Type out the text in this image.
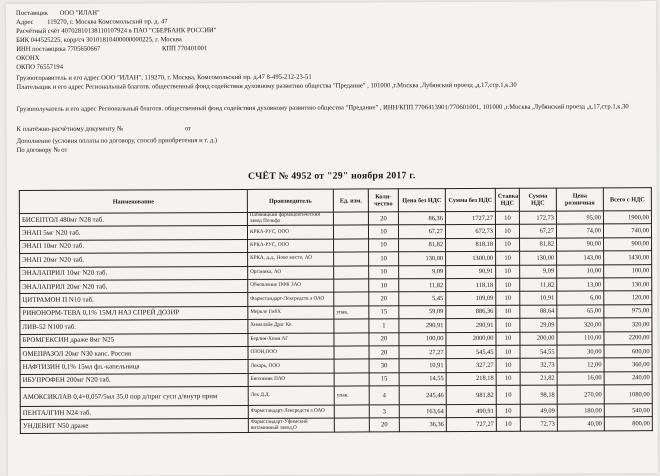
Поставщик ООО "ИЛАН"
Адрес 119270, г. Москва Комсомольский пр. д. 47
Расчётный счёт 40702810138110107924 в ПАО "СБЕРБАНК РОССИИ"
БИК 044525225, корр/сч 30101810400000000225, г. Москва
ИНН поставщика 7705650667	КПП 770401001
ОКОНХ
ОКПО 76557194
Грузоотправитель и его адрес ООО "ИЛАН", 119270, г. Москва, Комсомольский пр. д.47 8-495-212-23-51
Плательщик и его адрес Региональный благотв. общественный фонд содействия духовному развитию общества "Предание" , 101000 ,г.Москва ,Лубянский проезд ,д.17,стр.1,к.30
Грузополучатель и его адрес Региональный благотв. общественный фонд содействия духовному развитию общества "Предание" , ИНН/КПП 7706413901/770601001, 101000 ,г.Москва ,Лубянский проезд ,д.17,стр.1,к.30
К платёжно-расчётному документу №	от
Дополнение (условия оплаты по договору, способ приобретения и т. д.)
По договору № от
СЧЁТ № 4952 от "29" ноября 2017 г.
Наименование	Производитель	Ед. изм.	Коли-чество	Цена без НДС	Сумма без НДС	Ставка НДС	Сумма НДС	Цена розничная	Всего с НДС
БИСЕПТОЛ 480мг N28 таб.	Пабяницкий фармацевтический завод Польфа		20	86,36	1727,27	10	172,73	95,00	1900,00
ЭНАП 5мг N20 таб.	КРКА-РУС, ООО		10	67,27	672,73	10	67,27	74,00	740,00
ЭНАП 10мг N20 таб.	КРКА-РУС, ООО		10	81,82	818,18	10	81,82	90,00	900,00
ЭНАП 20мг N20 таб.	КРКА, д.д., Ново место, АО		10	130,00	1300,00	10	130,00	143,00	1430,00
ЭНАЛАПРИЛ 10мг N20 таб.	Органика, АО		10	9,09	90,91	10	9,09	10,00	100,00
ЭНАЛАПРИЛ 20мг N20 таб.	Обновление ПФК ЗАО		10	11,82	118,18	10	11,82	13,00	130,00
ЦИТРАМОН П N10 таб.	Фармстандарт-Лексредств а ОАО		20	5,45	109,09	10	10,91	6,00	120,00
РИНОНОРМ-ТЕВА 0,1% 15МЛ НАЗ СПРЕЙ ДОЗИР	Мерклe ГмбХ	упак.	15	59,09	886,36	10	88,64	65,00	975,00
ЛИВ-52 N100 таб.	Хималайя Драг Ко.		1	290,91	290,91	10	29,09	320,00	320,00
БРОМГЕКСИН драже 8мг N25	Берлин-Хеми АГ		20	100,00	2000,00	10	200,00	110,00	2200,00
ОМЕПРАЗОЛ 20мг N30 капс. Россия	ОЗОН,ООО		20	27,27	545,45	10	54,55	30,00	600,00
НАФТИЗИН 0,1% 15мл фл.-капельница	Лекарь, ООО		30	10,91	327,27	10	32,73	12,00	360,00
ИБУПРОФЕН 200мг N20 таб.	Биохимик ПАО		15	14,55	218,18	10	21,82	16,00	240,00
АМОКСИКЛАВ 0,4+0,057/5мл 35,0 пор д/приг сусп д/внутр прим	Лек Д.Д.	упак.	4	245,46	981,82	10	98,18	270,00	1080,00
ПЕНТАЛГИН N24 таб.	Фармстандарт-Лексредств а ОАО		3	163,64	490,91	10	49,09	180,00	540,00
УНДЕВИТ N50 драже	Фармстандарт-Уфимский витаминный завод,О		20	36,36	727,27	10	72,73	40,00	800,00
